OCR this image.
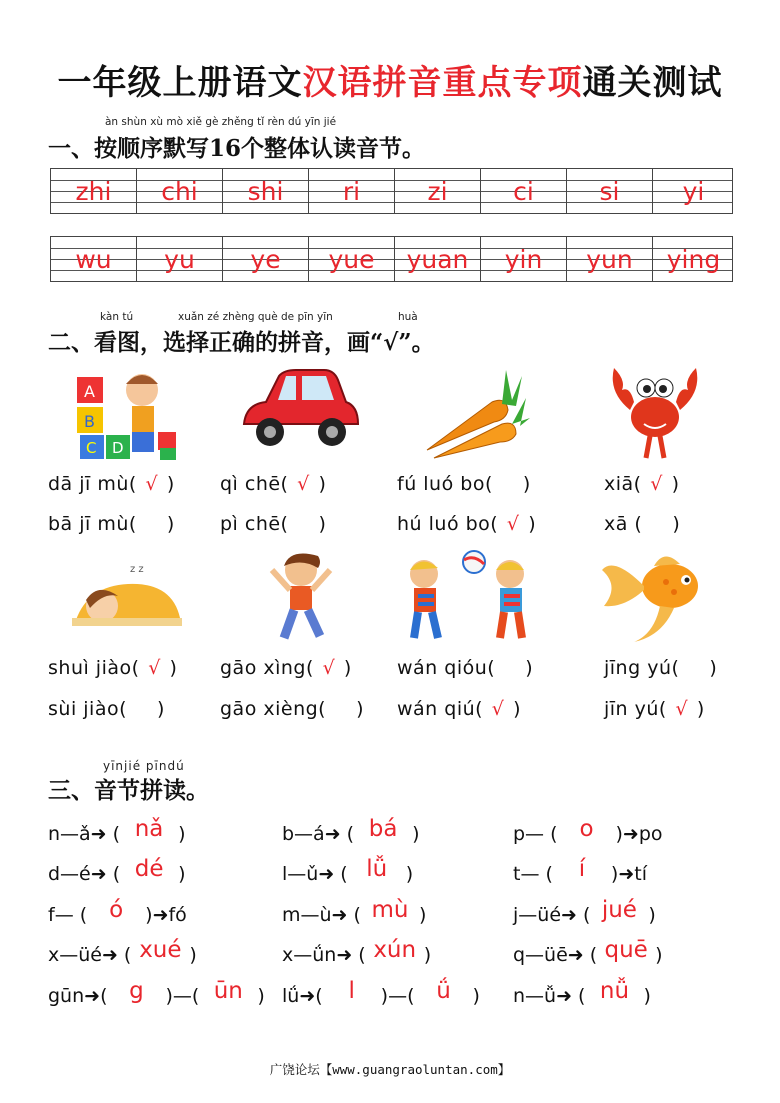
一年级上册语文汉语拼音重点专项通关测试
àn shùn xù mò xiě gè zhěng tǐ rèn dú yīn jié
一、按顺序默写16个整体认读音节。
zhi	chi	shi	ri	zi	ci	si	yi
wu	yu	ye	yue	yuan	yin	yun	ying
kàn tú	xuǎn zé zhèng què de pīn yīn	huà
二、看图，选择正确的拼音，画“√”。
A
B
C D
dā jī mù( √ ) qì chē( √ )	fú luó bo( )	xiā( √ )
bā jī mù( ) pì chē( )	hú luó bo( √ )	xā ( )
z z
shuì jiào( √ ) gāo xìng( √ ) wán qióu( )	jīng yú( )
sùi jiào( )	gāo xièng( ) wán qiú( √ )	jīn yú( √ )
yīnjié pīndú
三、音节拼读。
n—ǎ➜ ( nǎ )	b—á➜ ( bá )	p— ( o )➜po
d—é➜ ( dé )	l—ǔ➜ ( lǚ )	t— ( í )➜tí
f— ( ó )➜fó	m—ù➜ ( mù )	j—üé➜ ( jué )
x—üé➜ ( xué )	x—ǘn➜ ( xún )	q—üē➜ ( quē )
gūn➜( g )—( ūn ) lǘ➜( l )—( ǘ ) n—ǚ➜ ( nǚ )
广饶论坛【www.guangraoluntan.com】
